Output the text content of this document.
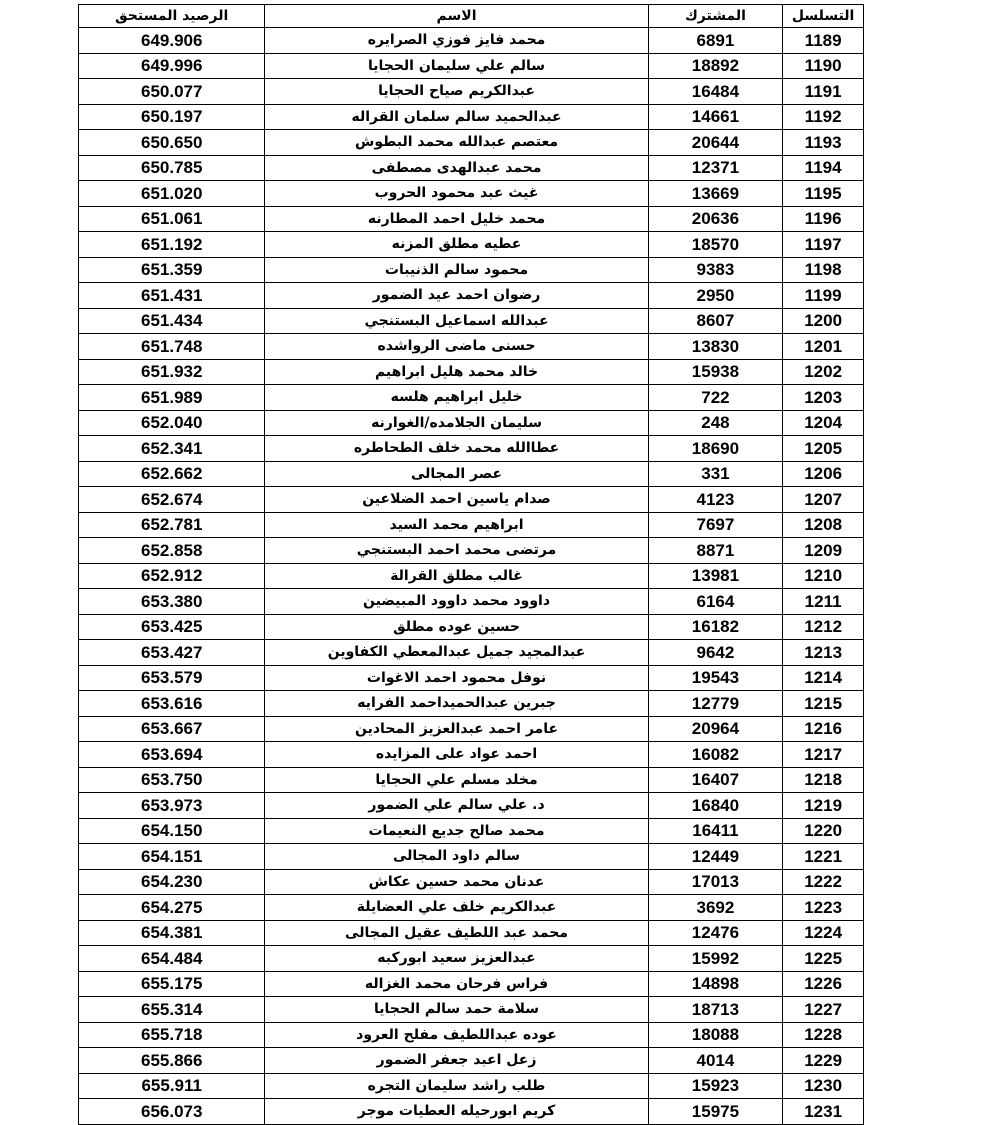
التسلسل	المشترك	الاسم	الرصيد المستحق
1189	6891	محمد فايز فوزي الصرايره	649.906
1190	18892	سالم علي سليمان الحجايا	649.996
1191	16484	عبدالكريم صياح الحجايا	650.077
1192	14661	عبدالحميد سالم سلمان القراله	650.197
1193	20644	معتصم عبدالله محمد البطوش	650.650
1194	12371	محمد عبدالهدى مصطفى	650.785
1195	13669	غيث عبد محمود الحروب	651.020
1196	20636	محمد خليل احمد المطارنه	651.061
1197	18570	عطيه مطلق المزنه	651.192
1198	9383	محمود سالم الذنيبات	651.359
1199	2950	رضوان احمد عيد الضمور	651.431
1200	8607	عبدالله اسماعيل البستنجي	651.434
1201	13830	حسنى ماضى الرواشده	651.748
1202	15938	خالد محمد هليل ابراهيم	651.932
1203	722	خليل ابراهيم هلسه	651.989
1204	248	سليمان الجلامده/الغوارنه	652.040
1205	18690	عطاالله محمد خلف الطحاطره	652.341
1206	331	عصر المجالى	652.662
1207	4123	صدام ياسين احمد الضلاعين	652.674
1208	7697	ابراهيم محمد السيد	652.781
1209	8871	مرتضى محمد احمد البستنجي	652.858
1210	13981	غالب مطلق القرالة	652.912
1211	6164	داوود محمد داوود المبيضين	653.380
1212	16182	حسين عوده مطلق	653.425
1213	9642	عبدالمجيد جميل عبدالمعطي الكفاوين	653.427
1214	19543	نوفل محمود احمد الاغوات	653.579
1215	12779	جبرين عبدالحميداحمد الفرايه	653.616
1216	20964	عامر احمد عبدالعزيز المحادين	653.667
1217	16082	احمد عواد على المزايده	653.694
1218	16407	مخلد مسلم علي الحجايا	653.750
1219	16840	د. علي سالم علي الضمور	653.973
1220	16411	محمد صالح جديع النعيمات	654.150
1221	12449	سالم داود المجالى	654.151
1222	17013	عدنان محمد حسين عكاش	654.230
1223	3692	عبدالكريم خلف علي العضايلة	654.275
1224	12476	محمد عبد اللطيف عقيل المجالى	654.381
1225	15992	عبدالعزيز سعيد ابوركبه	654.484
1226	14898	فراس فرحان محمد الغزاله	655.175
1227	18713	سلامة حمد سالم الحجايا	655.314
1228	18088	عوده عبداللطيف مفلح العرود	655.718
1229	4014	زعل اعبد جعفر الضمور	655.866
1230	15923	طلب راشد سليمان التجره	655.911
1231	15975	كريم ابورحيله العطيات موجر	656.073
